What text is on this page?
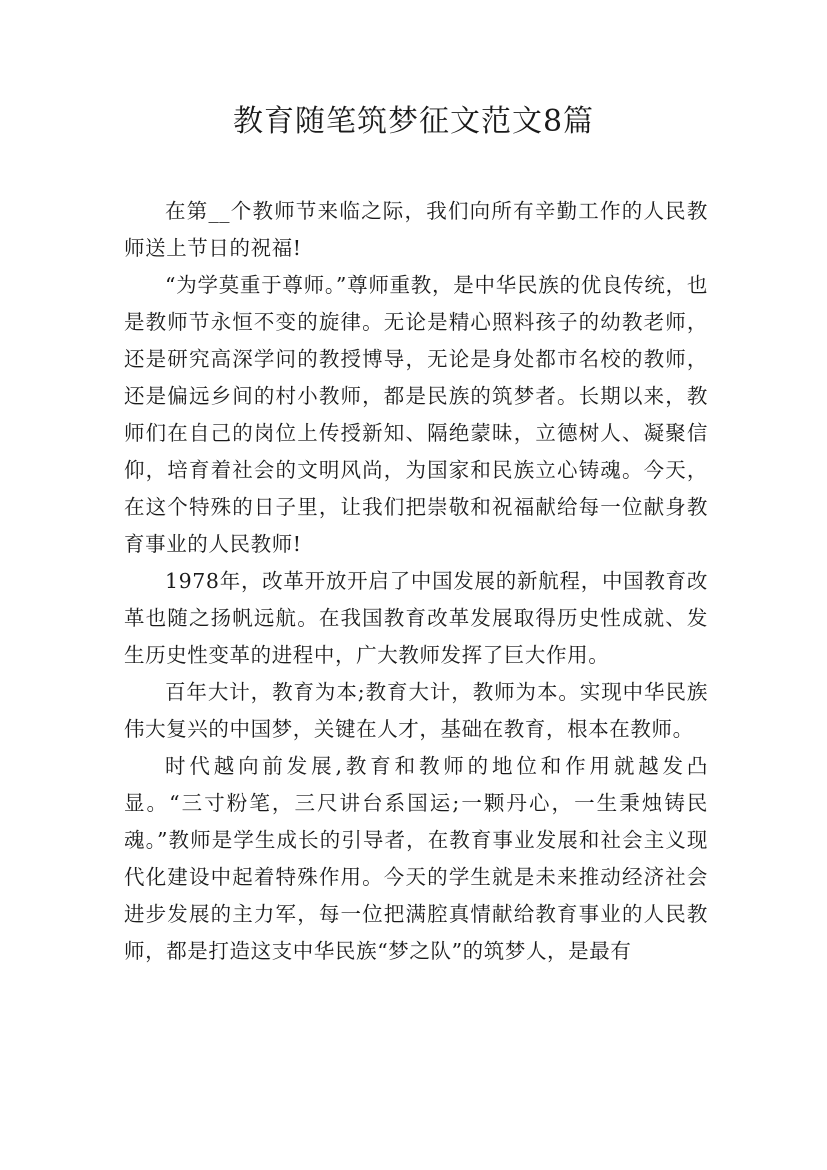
教育随笔筑梦征文范文8篇

在第__个教师节来临之际，我们向所有辛勤工作的人民教师送上节日的祝福!

“为学莫重于尊师。”尊师重教，是中华民族的优良传统，也是教师节永恒不变的旋律。无论是精心照料孩子的幼教老师，还是研究高深学问的教授博导，无论是身处都市名校的教师，还是偏远乡间的村小教师，都是民族的筑梦者。长期以来，教师们在自己的岗位上传授新知、隔绝蒙昧，立德树人、凝聚信仰，培育着社会的文明风尚，为国家和民族立心铸魂。今天，在这个特殊的日子里，让我们把崇敬和祝福献给每一位献身教育事业的人民教师!

1978年，改革开放开启了中国发展的新航程，中国教育改革也随之扬帆远航。在我国教育改革发展取得历史性成就、发生历史性变革的进程中，广大教师发挥了巨大作用。

百年大计，教育为本;教育大计，教师为本。实现中华民族伟大复兴的中国梦，关键在人才，基础在教育，根本在教师。

时代越向前发展,教育和教师的地位和作用就越发凸显。“三寸粉笔，三尺讲台系国运;一颗丹心，一生秉烛铸民魂。”教师是学生成长的引导者，在教育事业发展和社会主义现代化建设中起着特殊作用。今天的学生就是未来推动经济社会进步发展的主力军，每一位把满腔真情献给教育事业的人民教师，都是打造这支中华民族“梦之队”的筑梦人，是最有
